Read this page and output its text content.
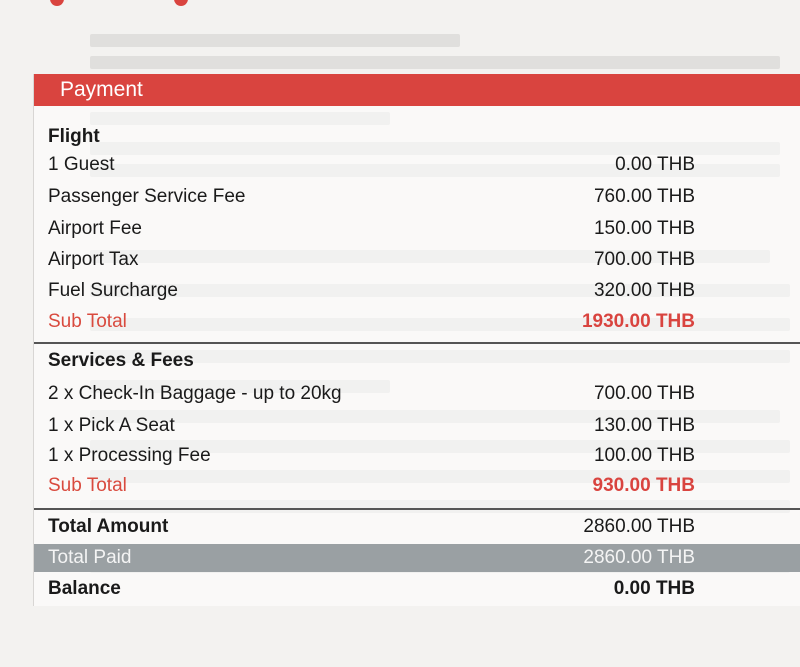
Payment
Flight
1 Guest	0.00 THB
Passenger Service Fee	760.00 THB
Airport Fee	150.00 THB
Airport Tax	700.00 THB
Fuel Surcharge	320.00 THB
Sub Total	1930.00 THB
Services & Fees
2 x Check-In Baggage - up to 20kg	700.00 THB
1 x Pick A Seat	130.00 THB
1 x Processing Fee	100.00 THB
Sub Total	930.00 THB
Total Amount	2860.00 THB
Total Paid	2860.00 THB
Balance	0.00 THB
